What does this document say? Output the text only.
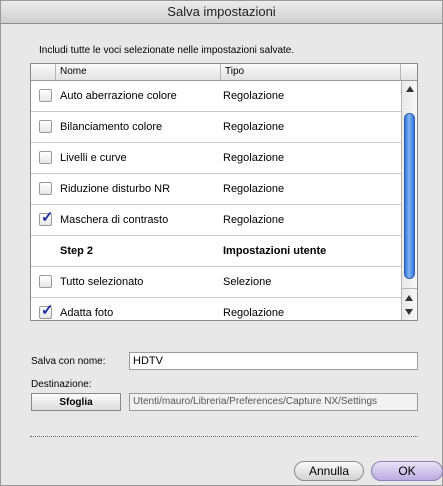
Salva impostazioni
Includi tutte le voci selezionate nelle impostazioni salvate.
Nome	Tipo
Auto aberrazione colore	Regolazione
Bilanciamento colore	Regolazione
Livelli e curve	Regolazione
Riduzione disturbo NR	Regolazione
✓ Maschera di contrasto	Regolazione
Step 2	Impostazioni utente
Tutto selezionato	Selezione
✓ Adatta foto	Regolazione
Salva con nome:
HDTV
Destinazione:
Sfoglia	Utenti/mauro/Libreria/Preferences/Capture NX/Settings
Annulla	OK
